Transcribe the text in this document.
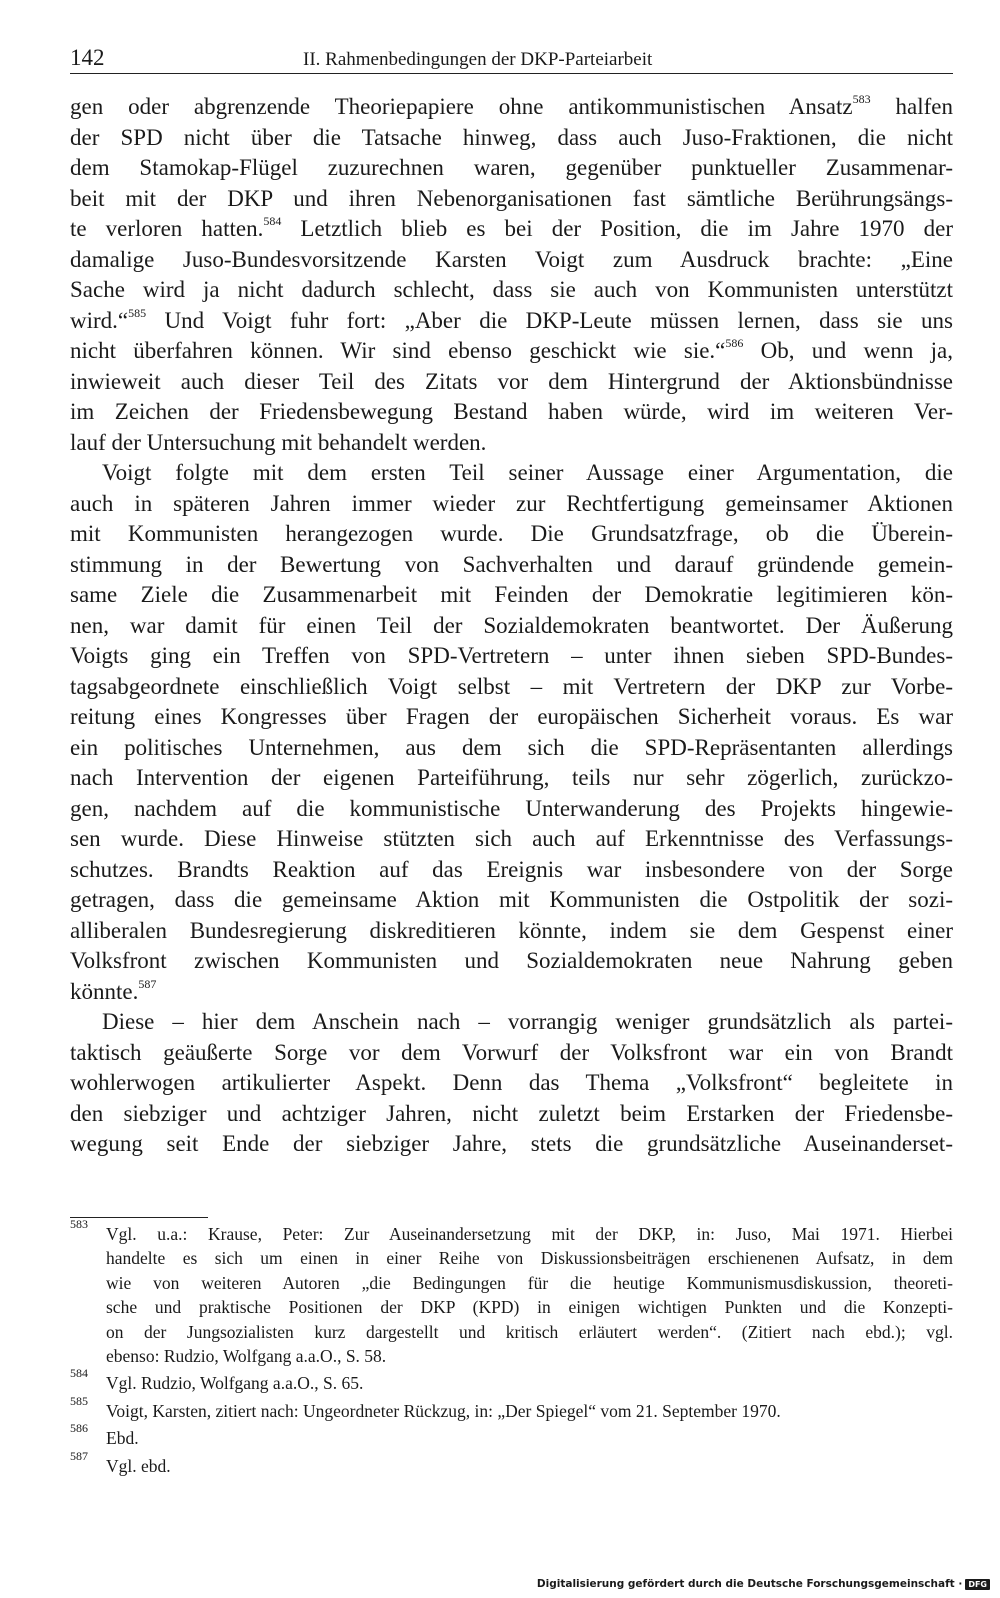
142	II. Rahmenbedingungen der DKP-Parteiarbeit
gen oder abgrenzende Theoriepapiere ohne antikommunistischen Ansatz$^{583}$ halfen
der SPD nicht über die Tatsache hinweg, dass auch Juso-Fraktionen, die nicht
dem Stamokap-Flügel zuzurechnen waren, gegenüber punktueller Zusammenar-
beit mit der DKP und ihren Nebenorganisationen fast sämtliche Berührungsängs-
te verloren hatten.$^{584}$ Letztlich blieb es bei der Position, die im Jahre 1970 der
damalige Juso-Bundesvorsitzende Karsten Voigt zum Ausdruck brachte: „Eine
Sache wird ja nicht dadurch schlecht, dass sie auch von Kommunisten unterstützt
wird.“$^{585}$ Und Voigt fuhr fort: „Aber die DKP-Leute müssen lernen, dass sie uns
nicht überfahren können. Wir sind ebenso geschickt wie sie.“$^{586}$ Ob, und wenn ja,
inwieweit auch dieser Teil des Zitats vor dem Hintergrund der Aktionsbündnisse
im Zeichen der Friedensbewegung Bestand haben würde, wird im weiteren Ver-
lauf der Untersuchung mit behandelt werden.
Voigt folgte mit dem ersten Teil seiner Aussage einer Argumentation, die
auch in späteren Jahren immer wieder zur Rechtfertigung gemeinsamer Aktionen
mit Kommunisten herangezogen wurde. Die Grundsatzfrage, ob die Überein-
stimmung in der Bewertung von Sachverhalten und darauf gründende gemein-
same Ziele die Zusammenarbeit mit Feinden der Demokratie legitimieren kön-
nen, war damit für einen Teil der Sozialdemokraten beantwortet. Der Äußerung
Voigts ging ein Treffen von SPD-Vertretern – unter ihnen sieben SPD-Bundes-
tagsabgeordnete einschließlich Voigt selbst – mit Vertretern der DKP zur Vorbe-
reitung eines Kongresses über Fragen der europäischen Sicherheit voraus. Es war
ein politisches Unternehmen, aus dem sich die SPD-Repräsentanten allerdings
nach Intervention der eigenen Parteiführung, teils nur sehr zögerlich, zurückzo-
gen, nachdem auf die kommunistische Unterwanderung des Projekts hingewie-
sen wurde. Diese Hinweise stützten sich auch auf Erkenntnisse des Verfassungs-
schutzes. Brandts Reaktion auf das Ereignis war insbesondere von der Sorge
getragen, dass die gemeinsame Aktion mit Kommunisten die Ostpolitik der sozi-
alliberalen Bundesregierung diskreditieren könnte, indem sie dem Gespenst einer
Volksfront zwischen Kommunisten und Sozialdemokraten neue Nahrung geben
könnte.$^{587}$
Diese – hier dem Anschein nach – vorrangig weniger grundsätzlich als partei-
taktisch geäußerte Sorge vor dem Vorwurf der Volksfront war ein von Brandt
wohlerwogen artikulierter Aspekt. Denn das Thema „Volksfront“ begleitete in
den siebziger und achtziger Jahren, nicht zuletzt beim Erstarken der Friedensbe-
wegung seit Ende der siebziger Jahre, stets die grundsätzliche Auseinanderset-
583 Vgl. u.a.: Krause, Peter: Zur Auseinandersetzung mit der DKP, in: Juso, Mai 1971. Hierbei
handelte es sich um einen in einer Reihe von Diskussionsbeiträgen erschienenen Aufsatz, in dem
wie von weiteren Autoren „die Bedingungen für die heutige Kommunismusdiskussion, theoreti-
sche und praktische Positionen der DKP (KPD) in einigen wichtigen Punkten und die Konzepti-
on der Jungsozialisten kurz dargestellt und kritisch erläutert werden“. (Zitiert nach ebd.); vgl.
ebenso: Rudzio, Wolfgang a.a.O., S. 58.
584 Vgl. Rudzio, Wolfgang a.a.O., S. 65.
585 Voigt, Karsten, zitiert nach: Ungeordneter Rückzug, in: „Der Spiegel“ vom 21. September 1970.
586 Ebd.
587 Vgl. ebd.
Digitalisierung gefördert durch die Deutsche Forschungsgemeinschaft · DFG
